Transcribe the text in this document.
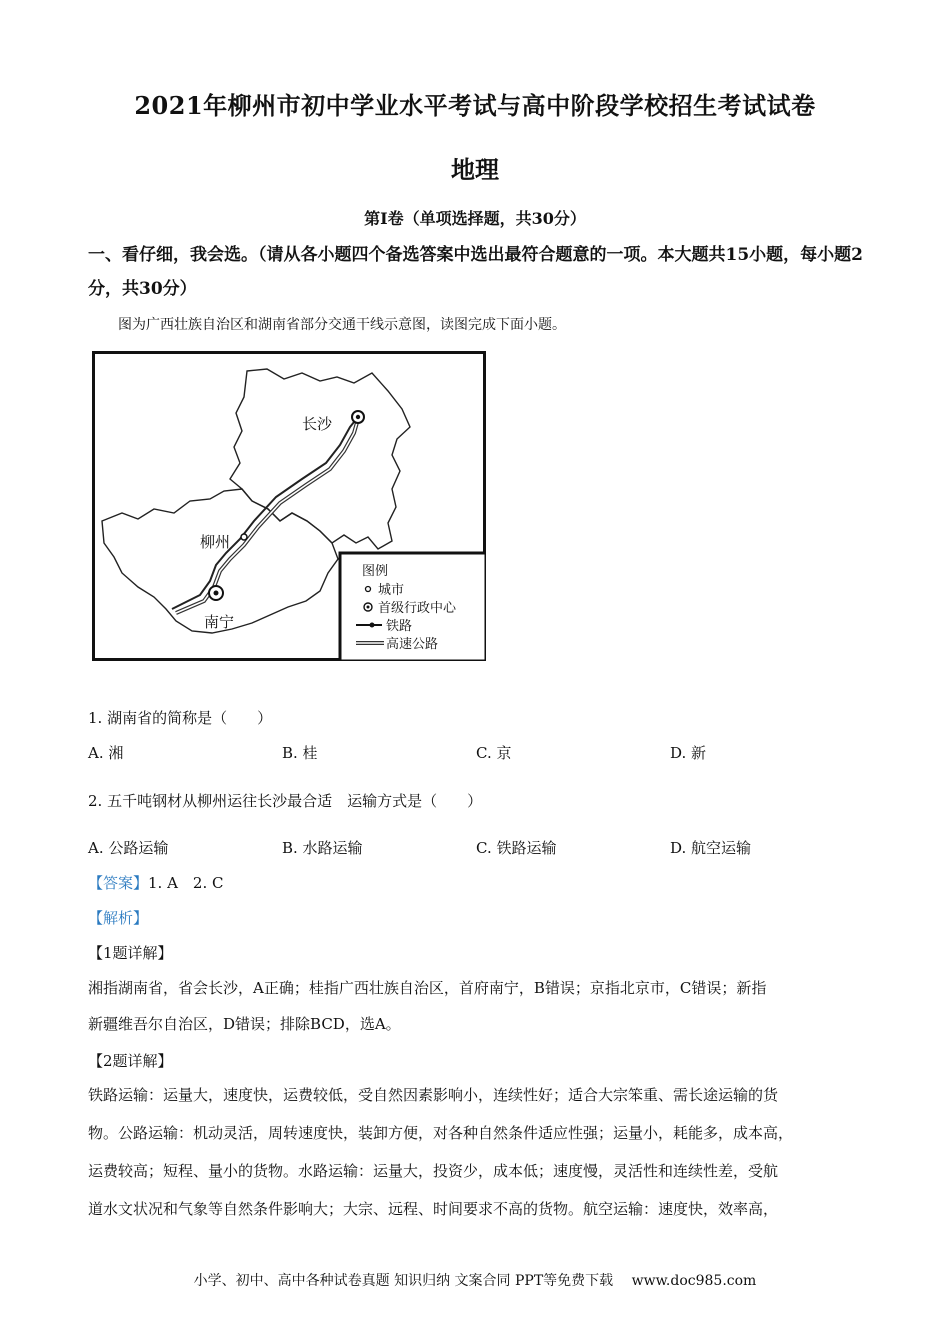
2021年柳州市初中学业水平考试与高中阶段学校招生考试试卷
地理
第Ⅰ卷（单项选择题，共30分）
一、看仔细，我会选。（请从各小题四个备选答案中选出最符合题意的一项。本大题共15小题，每小题2分，共30分）
图为广西壮族自治区和湖南省部分交通干线示意图，读图完成下面小题。
长沙
柳州
南宁
图例
城市
首级行政中心
铁路
高速公路
1. 湖南省的简称是（　　）
A. 湘	B. 桂	C. 京	D. 新
2. 五千吨钢材从柳州运往长沙最合适　运输方式是（　　）
A. 公路运输	B. 水路运输	C. 铁路运输	D. 航空运输
【答案】1. A　2. C
【解析】
【1题详解】
湘指湖南省，省会长沙，A正确；桂指广西壮族自治区，首府南宁，B错误；京指北京市，C错误；新指
新疆维吾尔自治区，D错误；排除BCD，选A。
【2题详解】
铁路运输：运量大，速度快，运费较低，受自然因素影响小，连续性好；适合大宗笨重、需长途运输的货
物。公路运输：机动灵活，周转速度快，装卸方便，对各种自然条件适应性强；运量小，耗能多，成本高，
运费较高；短程、量小的货物。水路运输：运量大，投资少，成本低；速度慢，灵活性和连续性差，受航
道水文状况和气象等自然条件影响大；大宗、远程、时间要求不高的货物。航空运输：速度快，效率高，
小学、初中、高中各种试卷真题 知识归纳 文案合同 PPT等免费下载　 www.doc985.com
